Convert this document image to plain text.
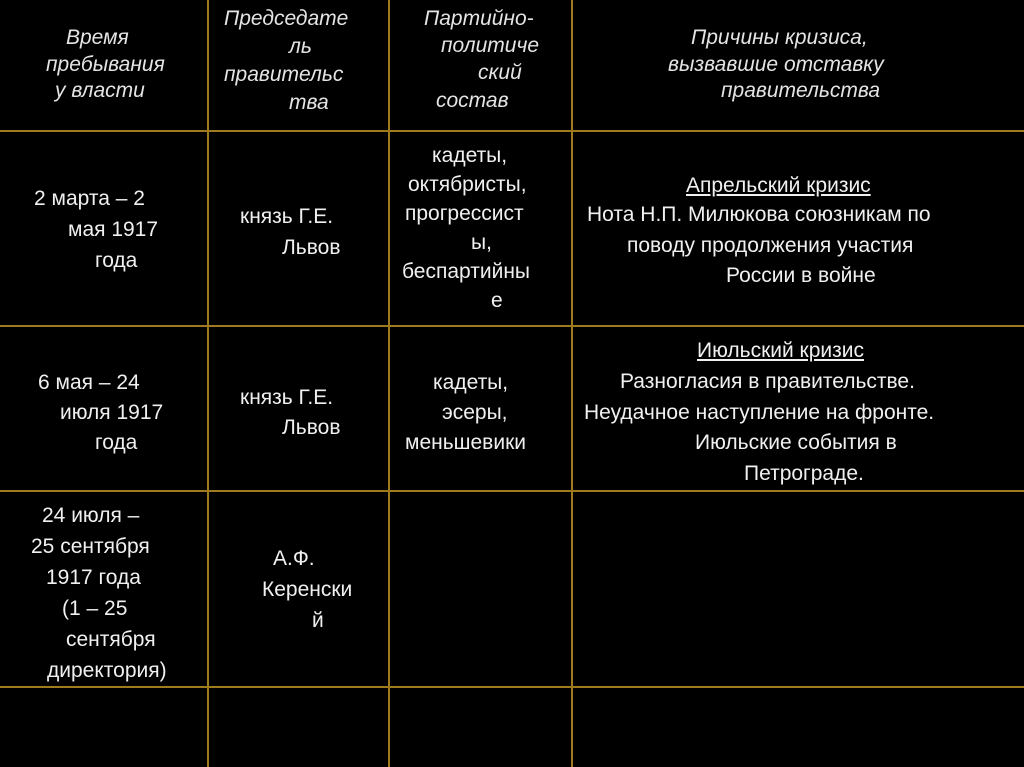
Время
пребывания
у власти
Председате
ль
правительс
тва
Партийно-
политиче
ский
состав
Причины кризиса,
вызвавшие отставку
правительства
2 марта – 2
мая 1917
года
князь Г.Е.
Львов
кадеты,
октябристы,
прогрессист
ы,
беспартийны
е
Апрельский кризис
Нота Н.П. Милюкова союзникам по
поводу продолжения участия
России в войне
6 мая – 24
июля 1917
года
князь Г.Е.
Львов
кадеты,
эсеры,
меньшевики
Июльский кризис
Разногласия в правительстве.
Неудачное наступление на фронте.
Июльские события в
Петрограде.
24 июля –
25 сентября
1917 года
(1 – 25
сентября
директория)
А.Ф.
Керенски
й
